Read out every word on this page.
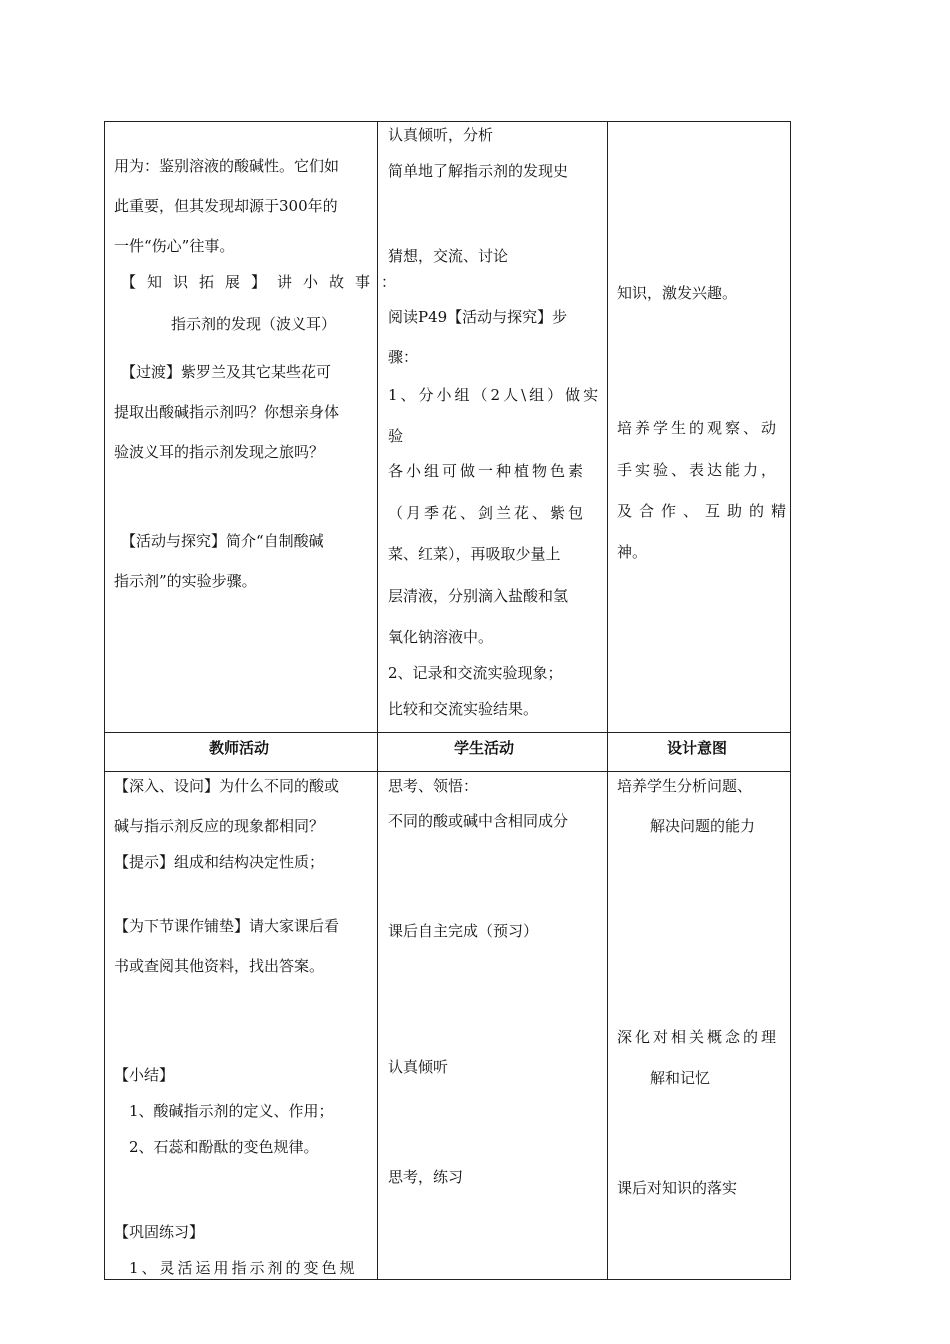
用为：鉴别溶液的酸碱性。它们如
此重要，但其发现却源于300年的
一件“伤心”往事。
【知识拓展】讲小故事：
指示剂的发现（波义耳）
【过渡】紫罗兰及其它某些花可
提取出酸碱指示剂吗？你想亲身体
验波义耳的指示剂发现之旅吗？
【活动与探究】简介“自制酸碱
指示剂”的实验步骤。
认真倾听，分析
简单地了解指示剂的发现史
猜想，交流、讨论
阅读P49【活动与探究】步
骤：
1、分小组（2人\组）做实
验
各小组可做一种植物色素
（月季花、剑兰花、紫包
菜、红菜），再吸取少量上
层清液，分别滴入盐酸和氢
氧化钠溶液中。
2、记录和交流实验现象；
比较和交流实验结果。
知识，激发兴趣。
培养学生的观察、动
手实验、表达能力，
及合作、互助的精
神。
教师活动	学生活动	设计意图
【深入、设问】为什么不同的酸或
碱与指示剂反应的现象都相同？
【提示】组成和结构决定性质；
【为下节课作铺垫】请大家课后看
书或查阅其他资料，找出答案。
【小结】
1、酸碱指示剂的定义、作用；
2、石蕊和酚酞的变色规律。
【巩固练习】
1、灵活运用指示剂的变色规
思考、领悟：
不同的酸或碱中含相同成分
课后自主完成（预习）
认真倾听
思考，练习
培养学生分析问题、
解决问题的能力
深化对相关概念的理
解和记忆
课后对知识的落实
